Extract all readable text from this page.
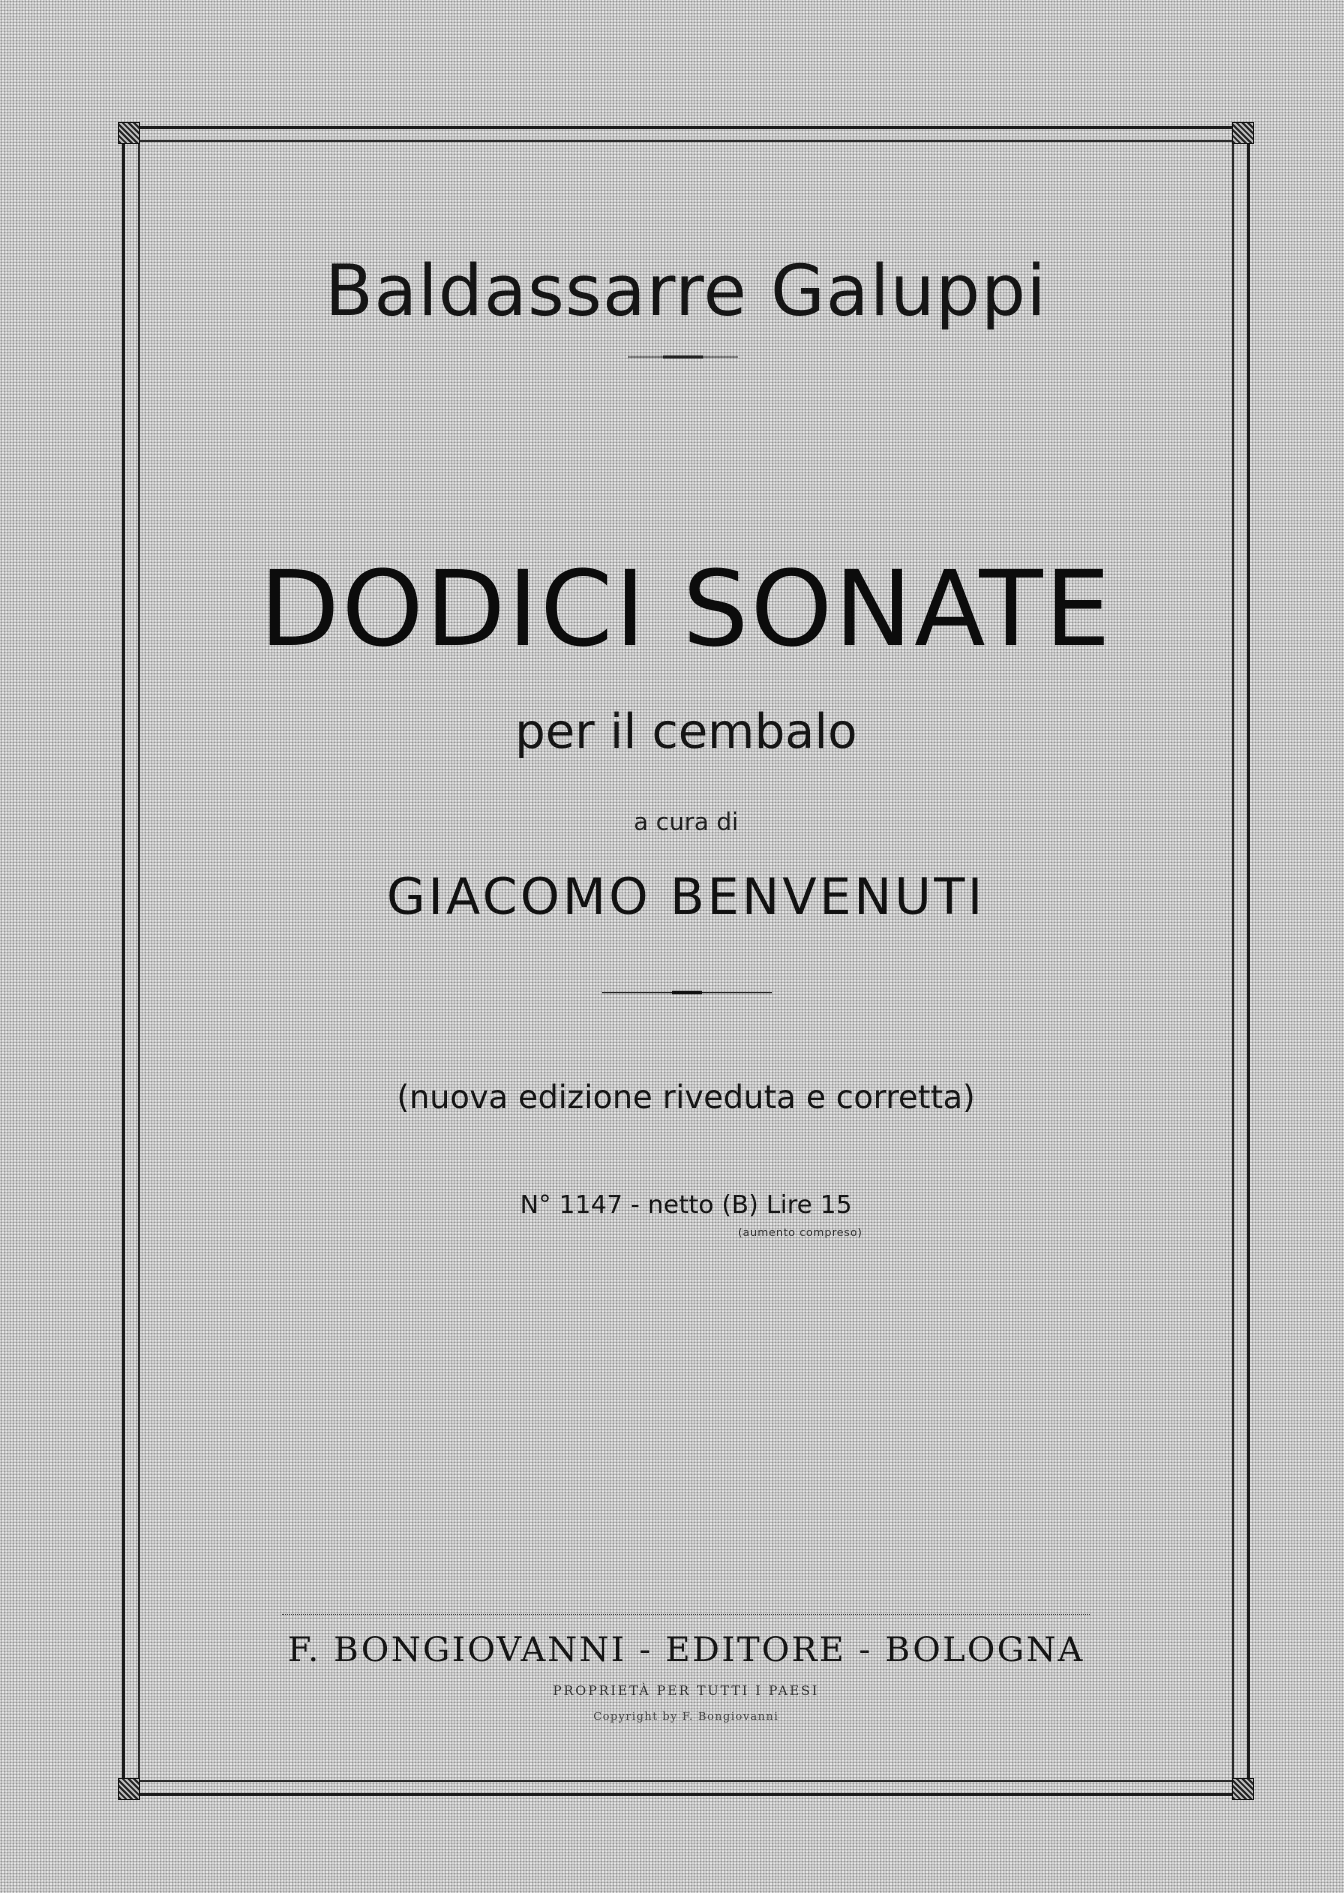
Baldassarre Galuppi
DODICI SONATE
per il cembalo
a cura di
GIACOMO BENVENUTI
(nuova edizione riveduta e corretta)
N° 1147 - netto (B) Lire 15
(aumento compreso)
F. BONGIOVANNI - EDITORE - BOLOGNA
PROPRIETÀ PER TUTTI I PAESI
Copyright by F. Bongiovanni
